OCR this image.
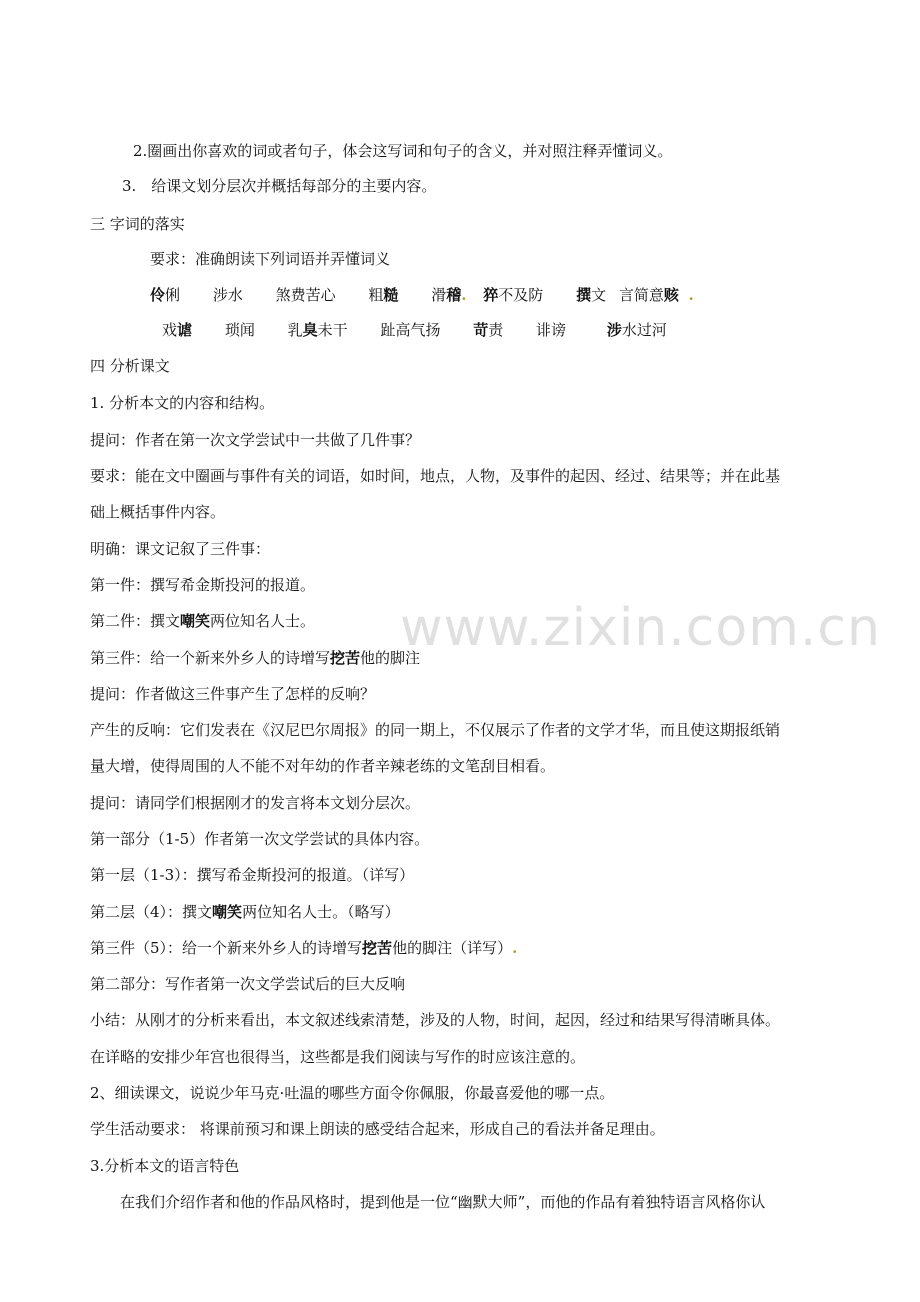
www.zixin.com.cn
2.圈画出你喜欢的词或者句子，体会这写词和句子的含义，并对照注释弄懂词义。
3.　给课文划分层次并概括每部分的主要内容。
三 字词的落实
要求：准确朗读下列词语并弄懂词义
伶俐 涉水 煞费苦心 粗糙 滑稽. 猝不及防 撰文 言简意赅 .
戏谑 琐闻 乳臭未干 趾高气扬 苛责 诽谤	涉水过河
四 分析课文
1. 分析本文的内容和结构。
提问：作者在第一次文学尝试中一共做了几件事？
要求：能在文中圈画与事件有关的词语，如时间，地点，人物，及事件的起因、经过、结果等；并在此基
础上概括事件内容。
明确：课文记叙了三件事：
第一件：撰写希金斯投河的报道。
第二件：撰文嘲笑两位知名人士。
第三件：给一个新来外乡人的诗增写挖苦他的脚注
提问：作者做这三件事产生了怎样的反响？
产生的反响：它们发表在《汉尼巴尔周报》的同一期上，不仅展示了作者的文学才华，而且使这期报纸销
量大增，使得周围的人不能不对年幼的作者辛辣老练的文笔刮目相看。
提问：请同学们根据刚才的发言将本文划分层次。
第一部分（1-5）作者第一次文学尝试的具体内容。
第一层（1-3）：撰写希金斯投河的报道。（详写）
第二层（4）：撰文嘲笑两位知名人士。（略写）
第三件（5）：给一个新来外乡人的诗增写挖苦他的脚注（详写）.
第二部分：写作者第一次文学尝试后的巨大反响
小结：从刚才的分析来看出，本文叙述线索清楚，涉及的人物，时间，起因，经过和结果写得清晰具体。
在详略的安排少年宫也很得当，这些都是我们阅读与写作的时应该注意的。
2、细读课文，说说少年马克·吐温的哪些方面令你佩服，你最喜爱他的哪一点。
学生活动要求： 将课前预习和课上朗读的感受结合起来，形成自己的看法并备足理由。
3.分析本文的语言特色
在我们介绍作者和他的作品风格时，提到他是一位“幽默大师”，而他的作品有着独特语言风格你认
